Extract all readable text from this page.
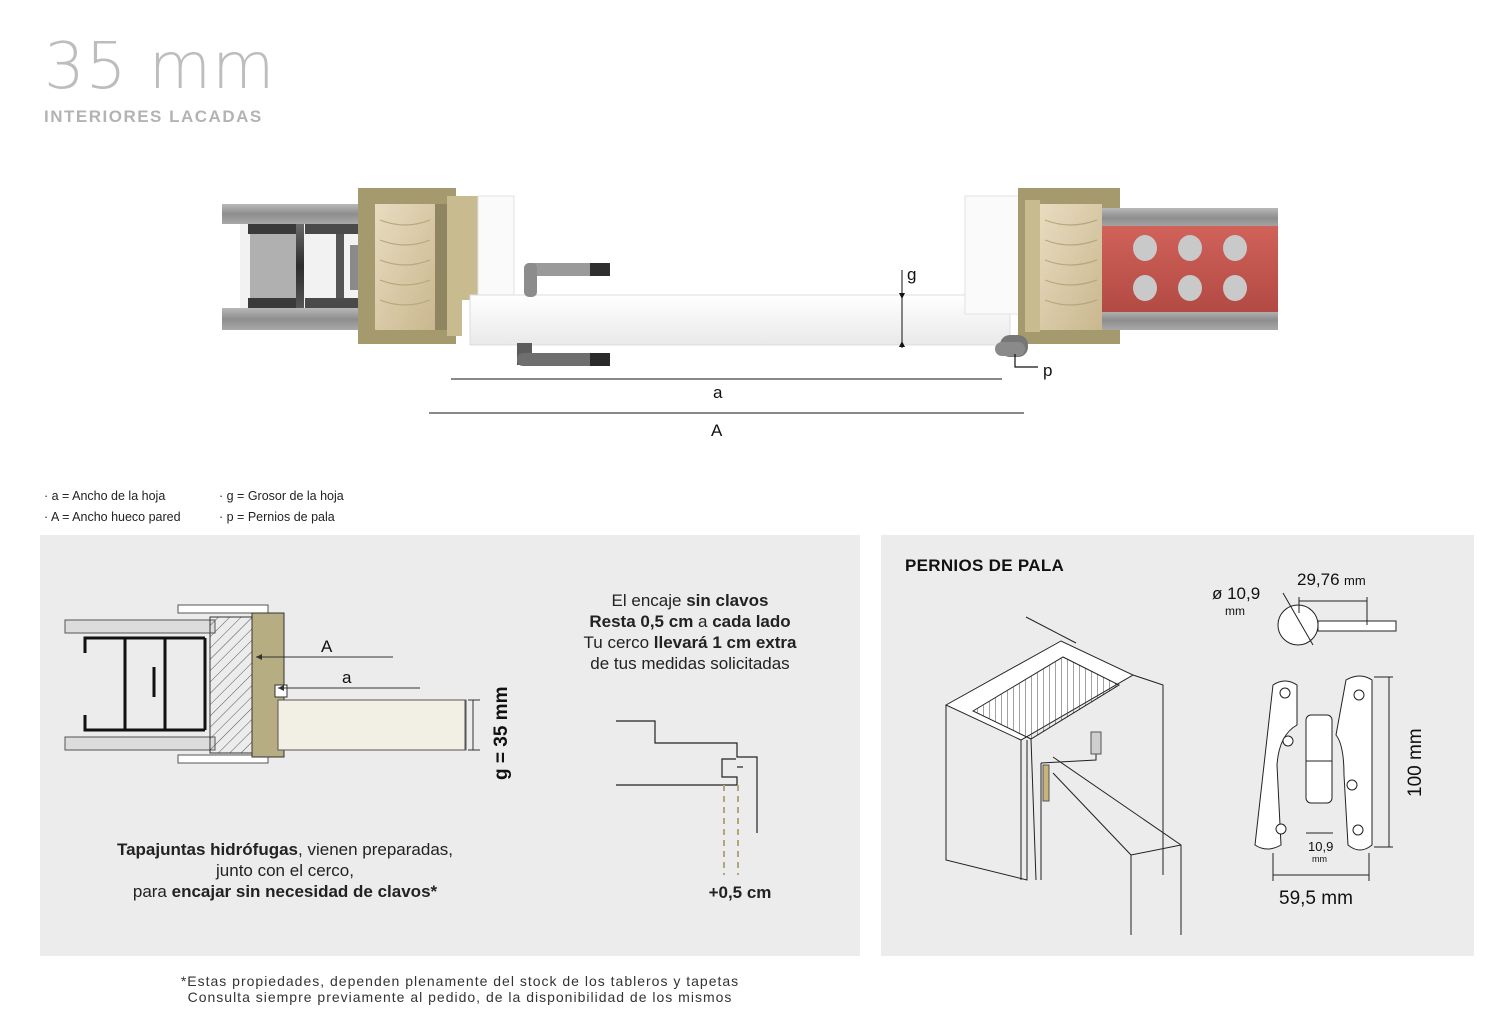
35 mm
INTERIORES LACADAS
g
p
a
A
· a = Ancho de la hoja	· g = Grosor de la hoja
· A = Ancho hueco pared	· p = Pernios de pala
A
a
g = 35 mm
El encaje sin clavos
Resta 0,5 cm a cada lado
Tu cerco llevará 1 cm extra
de tus medidas solicitadas
+0,5 cm
Tapajuntas hidrófugas, vienen preparadas,
junto con el cerco,
para encajar sin necesidad de clavos*
PERNIOS DE PALA
ø 10,9
mm
29,76 mm
100 mm
10,9
mm
59,5 mm
*Estas propiedades, dependen plenamente del stock de los tableros y tapetas
Consulta siempre previamente al pedido, de la disponibilidad de los mismos
